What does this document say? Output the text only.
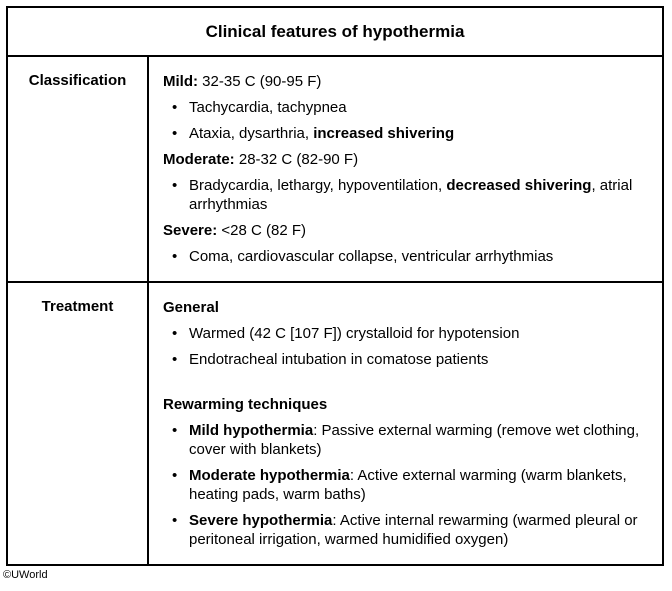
Clinical features of hypothermia
Classification	Mild: 32-35 C (90-95 F)
• Tachycardia, tachypnea
• Ataxia, dysarthria, increased shivering
Moderate: 28-32 C (82-90 F)
• Bradycardia, lethargy, hypoventilation, decreased shivering, atrial arrhythmias
Severe: <28 C (82 F)
• Coma, cardiovascular collapse, ventricular arrhythmias
Treatment	General
• Warmed (42 C [107 F]) crystalloid for hypotension
• Endotracheal intubation in comatose patients
Rewarming techniques
• Mild hypothermia: Passive external warming (remove wet clothing, cover with blankets)
• Moderate hypothermia: Active external warming (warm blankets, heating pads, warm baths)
• Severe hypothermia: Active internal rewarming (warmed pleural or peritoneal irrigation, warmed humidified oxygen)
©UWorld
